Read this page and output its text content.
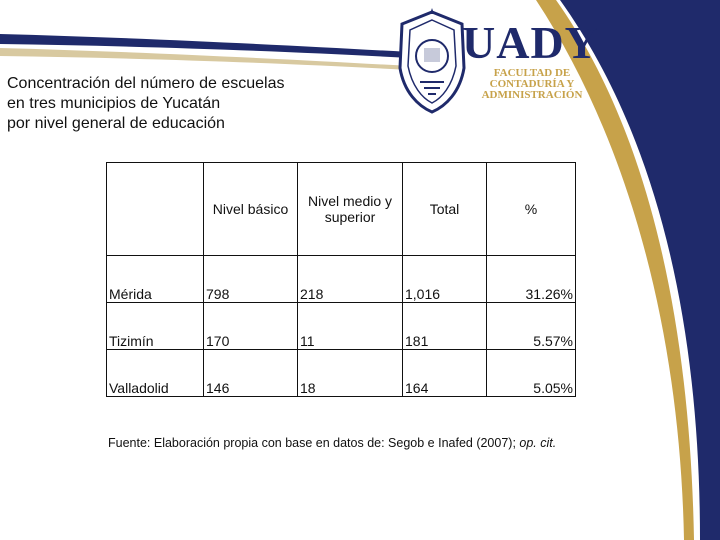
Concentración del número de escuelas
en tres municipios de Yucatán
por nivel general de educación
UADY
FACULTAD DE
CONTADURÍA Y
ADMINISTRACIÓN
	Nivel básico	Nivel medio y superior	Total	%
Mérida	798	218	1,016	31.26%
Tizimín	170	11	181	5.57%
Valladolid	146	18	164	5.05%
Fuente: Elaboración propia con base en datos de: Segob e Inafed (2007); op. cit.
